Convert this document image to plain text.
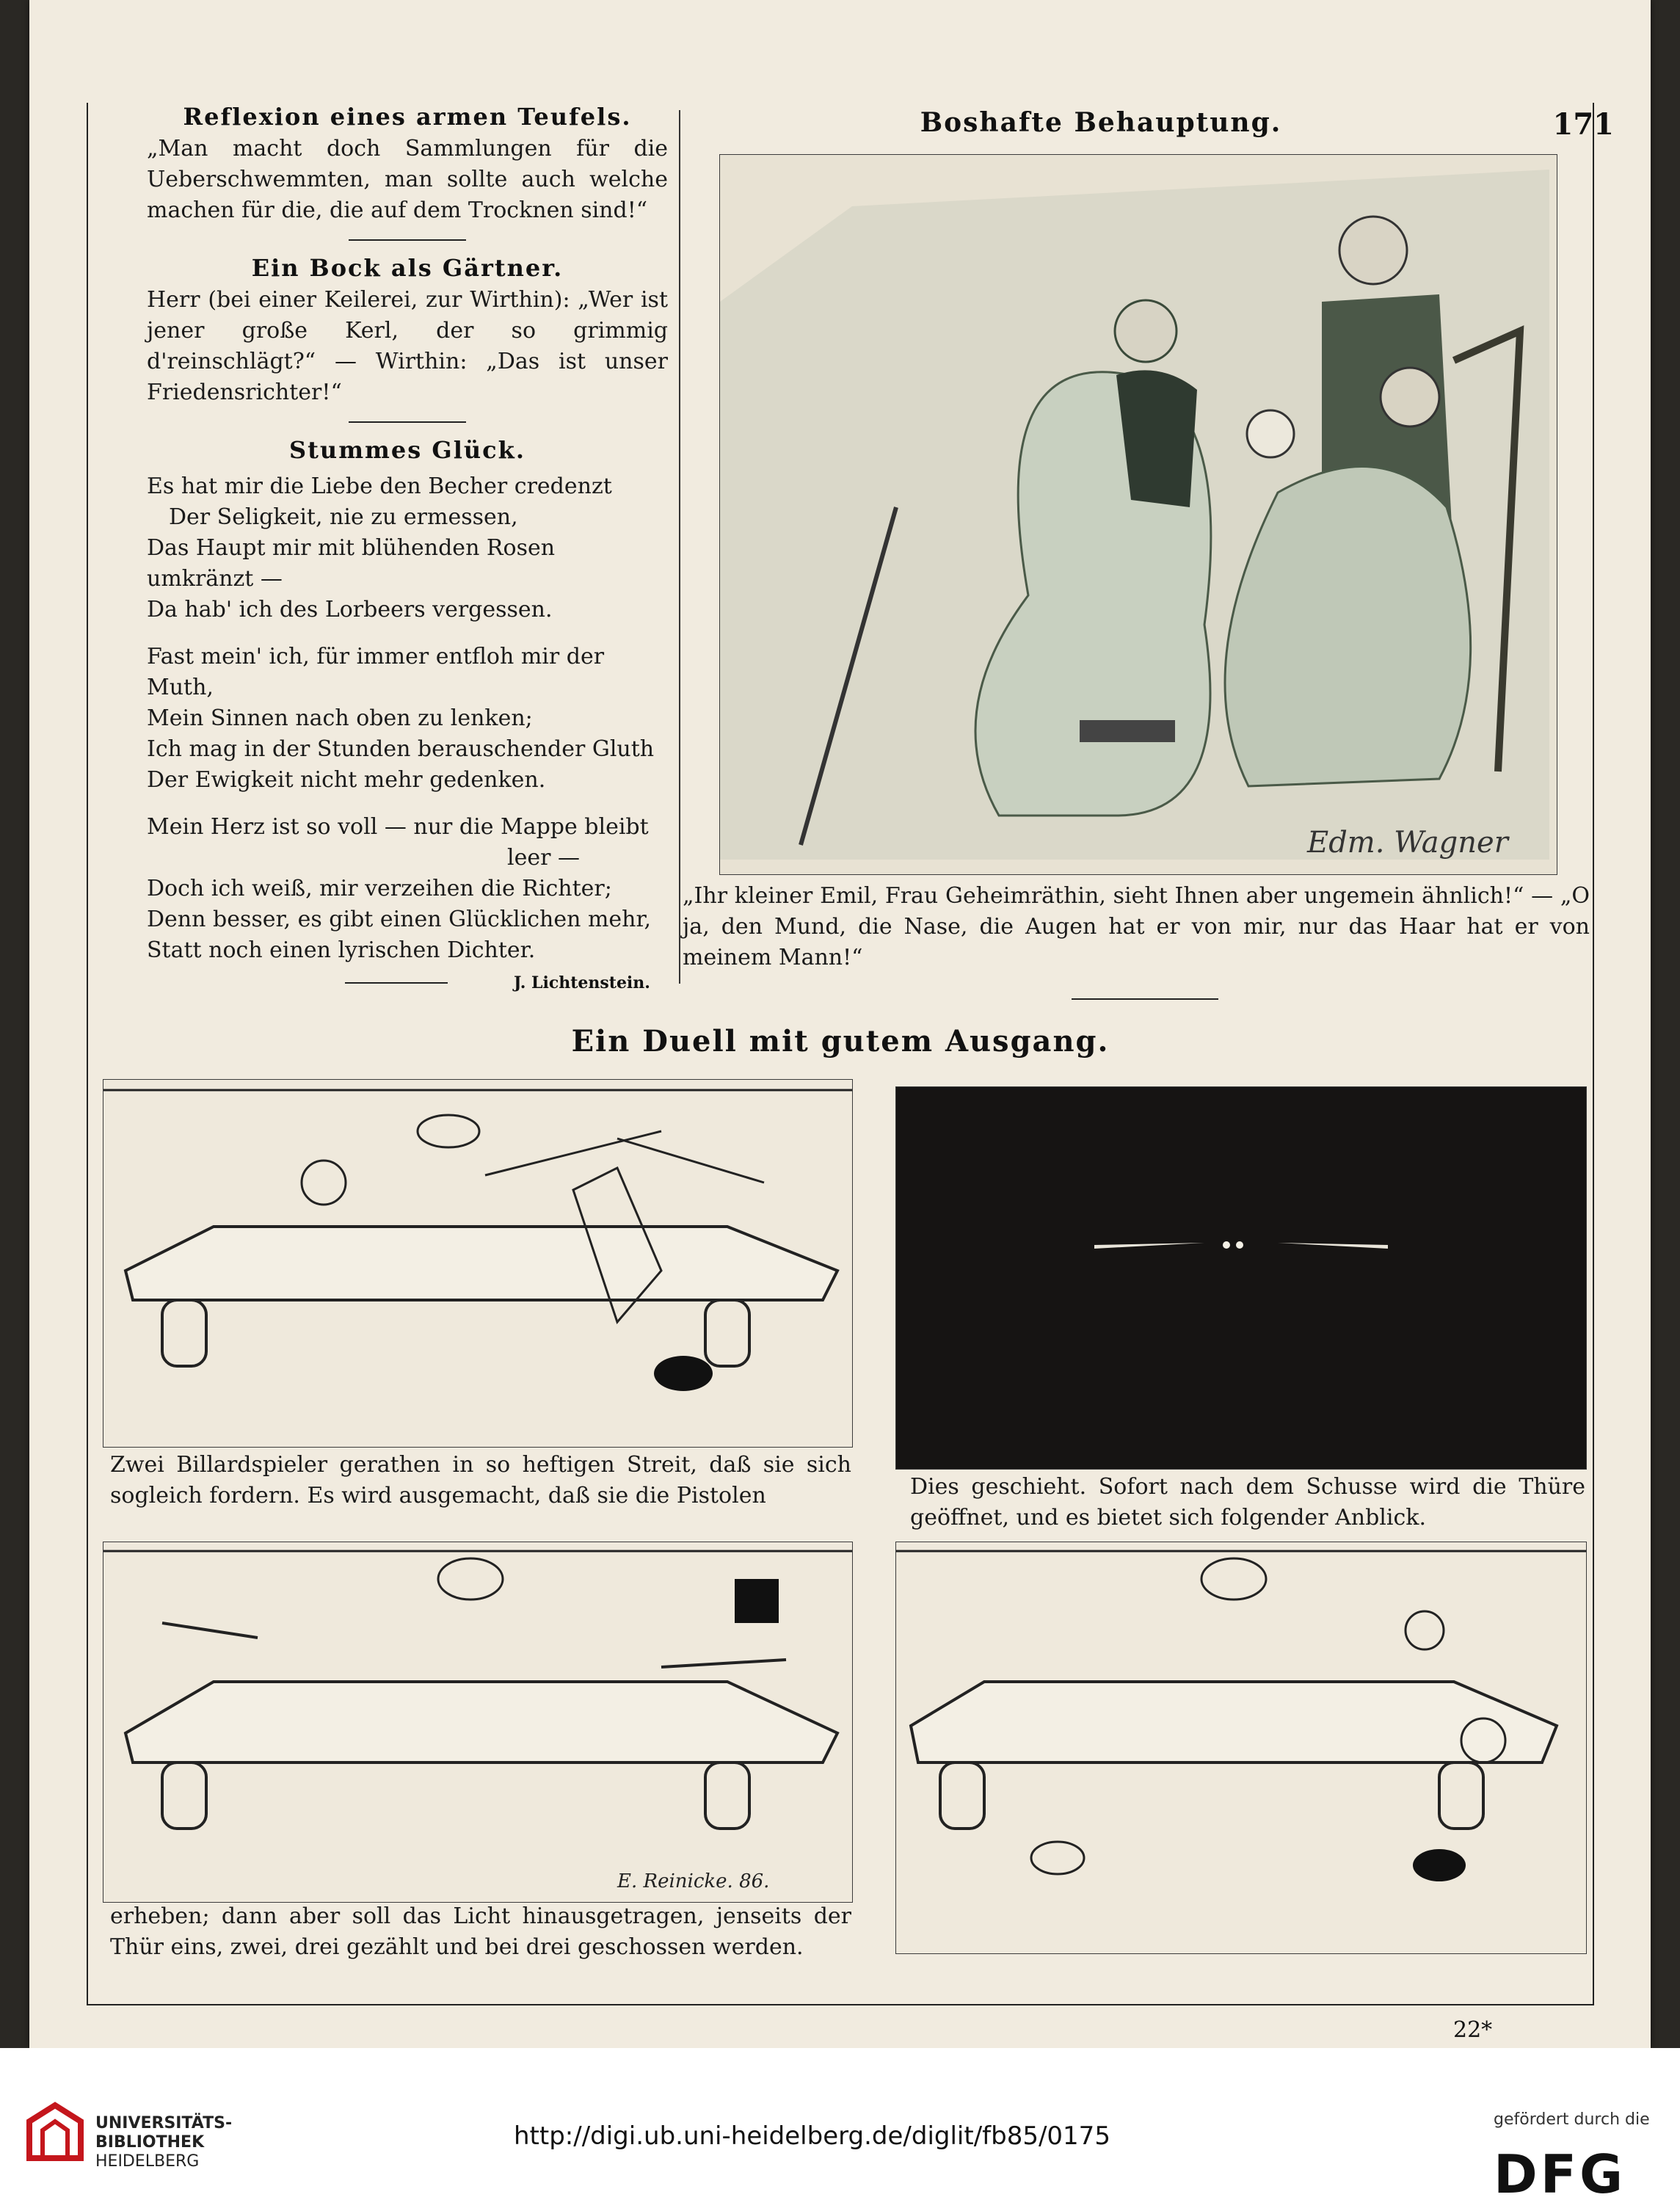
Reflexion eines armen Teufels.
„Man macht doch Sammlungen für die Ueberschwemmten, man sollte auch welche machen für die, die auf dem Trocknen sind!“
Ein Bock als Gärtner.
Herr (bei einer Keilerei, zur Wirthin): „Wer ist jener große Kerl, der so grimmig d'reinschlägt?“ — Wirthin: „Das ist unser Friedensrichter!“
Stummes Glück.
Es hat mir die Liebe den Becher credenzt
Der Seligkeit, nie zu ermessen,
Das Haupt mir mit blühenden Rosen umkränzt —
Da hab' ich des Lorbeers vergessen.
Fast mein' ich, für immer entfloh mir der Muth,
Mein Sinnen nach oben zu lenken;
Ich mag in der Stunden berauschender Gluth
Der Ewigkeit nicht mehr gedenken.
Mein Herz ist so voll — nur die Mappe bleibt
leer —
Doch ich weiß, mir verzeihen die Richter;
Denn besser, es gibt einen Glücklichen mehr,
Statt noch einen lyrischen Dichter.
J. Lichtenstein.
Boshafte Behauptung.	171
Edm. Wagner
„Ihr kleiner Emil, Frau Geheimräthin, sieht Ihnen aber ungemein ähnlich!“ — „O ja, den Mund, die Nase, die Augen hat er von mir, nur das Haar hat er von meinem Mann!“
Ein Duell mit gutem Ausgang.
Zwei Billardspieler gerathen in so heftigen Streit, daß sie sich sogleich fordern. Es wird ausgemacht, daß sie die Pistolen	Dies geschieht. Sofort nach dem Schusse wird die Thüre geöffnet, und es bietet sich folgender Anblick.
E. Reinicke. 86.
erheben; dann aber soll das Licht hinausgetragen, jenseits der Thür eins, zwei, drei gezählt und bei drei geschossen werden.
22*
UNIVERSITÄTS-
BIBLIOTHEK
HEIDELBERG
http://digi.ub.uni-heidelberg.de/diglit/fb85/0175
gefördert durch die
DFG
